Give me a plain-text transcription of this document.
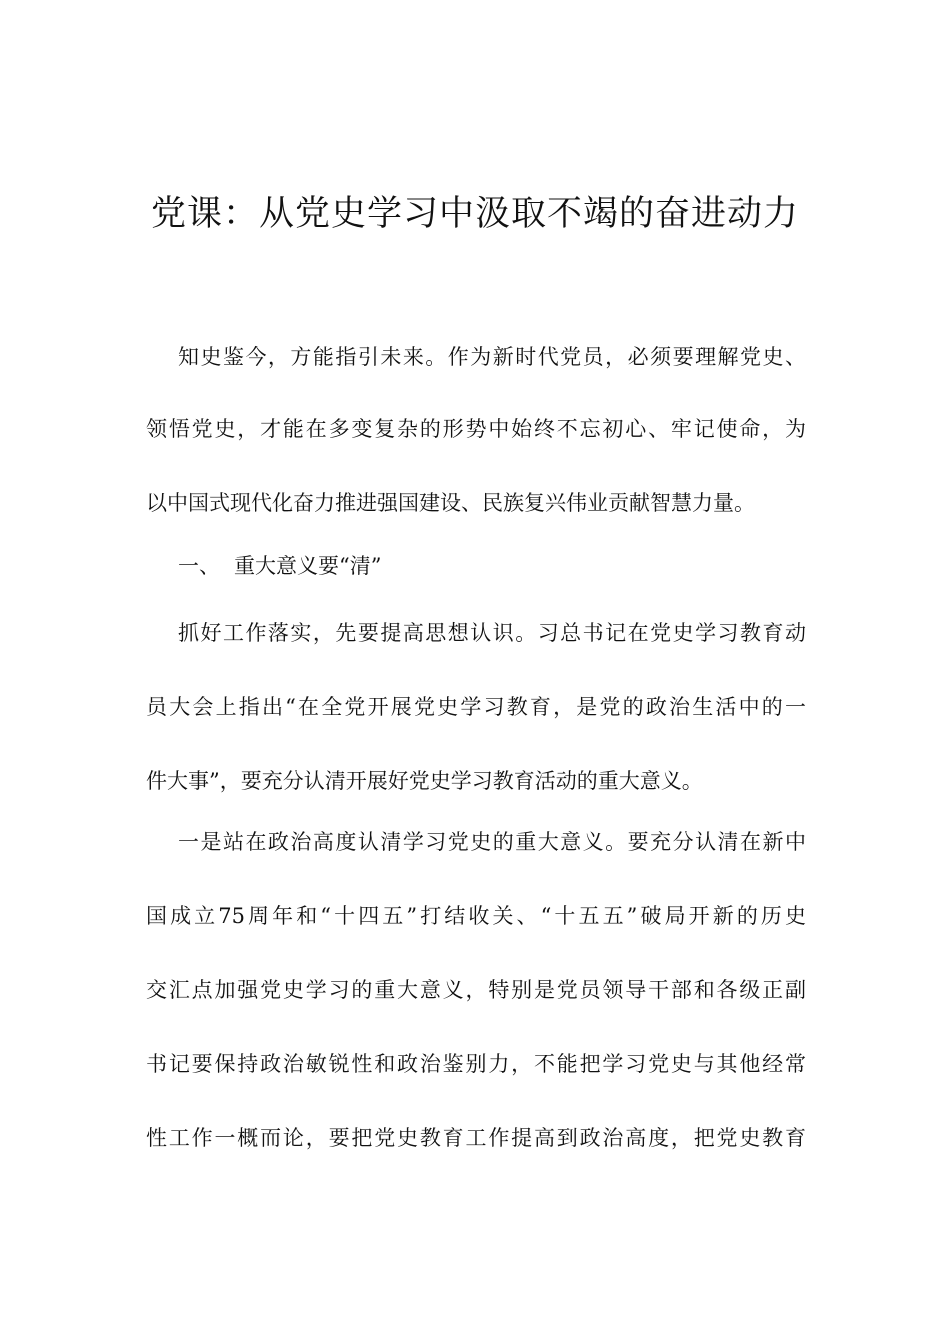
党课：从党史学习中汲取不竭的奋进动力

知史鉴今，方能指引未来。作为新时代党员，必须要理解党史、

领悟党史，才能在多变复杂的形势中始终不忘初心、牢记使命，为

以中国式现代化奋力推进强国建设、民族复兴伟业贡献智慧力量。

一、 重大意义要“清”

抓好工作落实，先要提高思想认识。习总书记在党史学习教育动

员大会上指出“在全党开展党史学习教育，是党的政治生活中的一

件大事”，要充分认清开展好党史学习教育活动的重大意义。

一是站在政治高度认清学习党史的重大意义。要充分认清在新中

国成立75周年和“十四五”打结收关、“十五五”破局开新的历史

交汇点加强党史学习的重大意义，特别是党员领导干部和各级正副

书记要保持政治敏锐性和政治鉴别力，不能把学习党史与其他经常

性工作一概而论，要把党史教育工作提高到政治高度，把党史教育
